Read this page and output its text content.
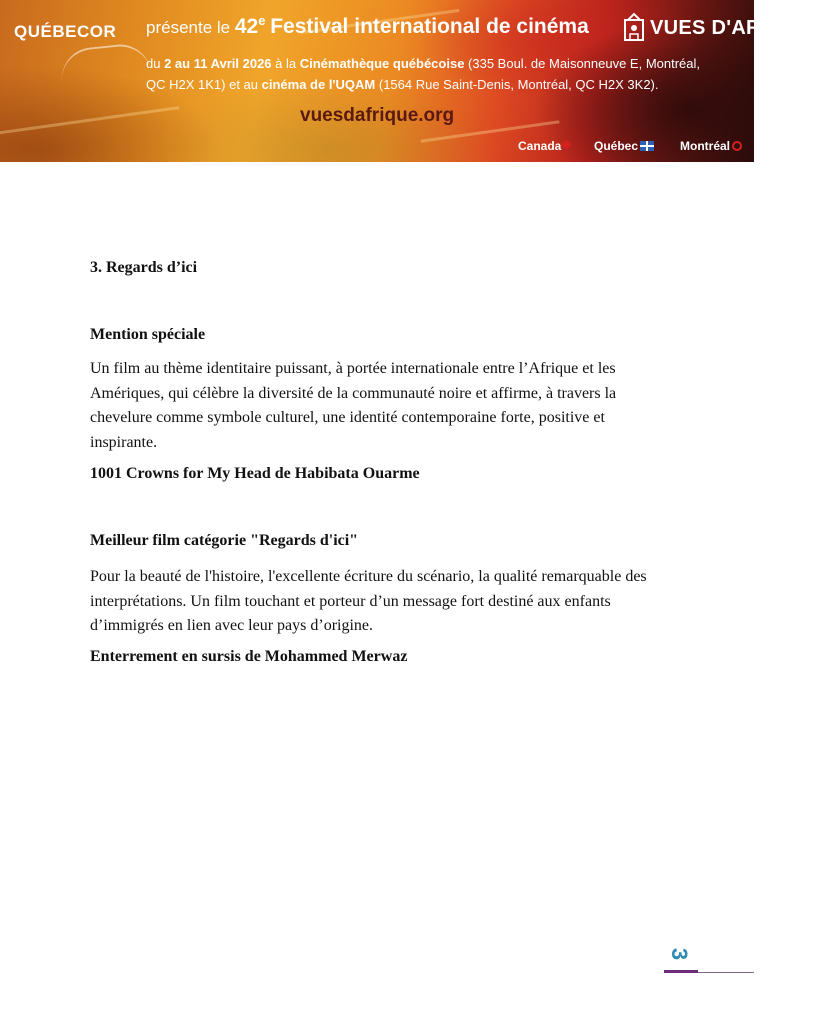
QUÉBECOR présente le 42e Festival international de cinéma	VUES D'AFRIQUE
du 2 au 11 Avril 2026 à la Cinémathèque québécoise (335 Boul. de Maisonneuve E, Montréal,
QC H2X 1K1) et au cinéma de l'UQAM (1564 Rue Saint-Denis, Montréal, QC H2X 3K2).
vuesdafrique.org
Canada	Québec	Montréal
3. Regards d’ici
Mention spéciale
Un film au thème identitaire puissant, à portée internationale entre l’Afrique et les Amériques, qui célèbre la diversité de la communauté noire et affirme, à travers la chevelure comme symbole culturel, une identité contemporaine forte, positive et inspirante.
1001 Crowns for My Head de Habibata Ouarme
Meilleur film catégorie "Regards d'ici"
Pour la beauté de l'histoire, l'excellente écriture du scénario, la qualité remarquable des interprétations. Un film touchant et porteur d’un message fort destiné aux enfants d’immigrés en lien avec leur pays d’origine.
Enterrement en sursis de Mohammed Merwaz
3
